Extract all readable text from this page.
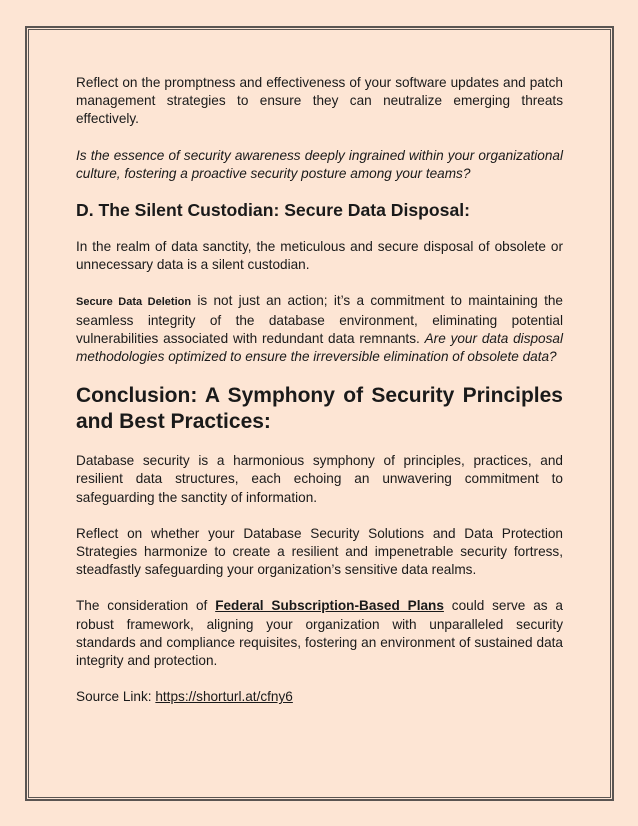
Reflect on the promptness and effectiveness of your software updates and patch management strategies to ensure they can neutralize emerging threats effectively.

Is the essence of security awareness deeply ingrained within your organizational culture, fostering a proactive security posture among your teams?

D. The Silent Custodian: Secure Data Disposal:

In the realm of data sanctity, the meticulous and secure disposal of obsolete or unnecessary data is a silent custodian.

Secure Data Deletion is not just an action; it’s a commitment to maintaining the seamless integrity of the database environment, eliminating potential vulnerabilities associated with redundant data remnants. Are your data disposal methodologies optimized to ensure the irreversible elimination of obsolete data?

Conclusion: A Symphony of Security Principles and Best Practices:

Database security is a harmonious symphony of principles, practices, and resilient data structures, each echoing an unwavering commitment to safeguarding the sanctity of information.

Reflect on whether your Database Security Solutions and Data Protection Strategies harmonize to create a resilient and impenetrable security fortress, steadfastly safeguarding your organization’s sensitive data realms.

The consideration of Federal Subscription-Based Plans could serve as a robust framework, aligning your organization with unparalleled security standards and compliance requisites, fostering an environment of sustained data integrity and protection.

Source Link: https://shorturl.at/cfny6
